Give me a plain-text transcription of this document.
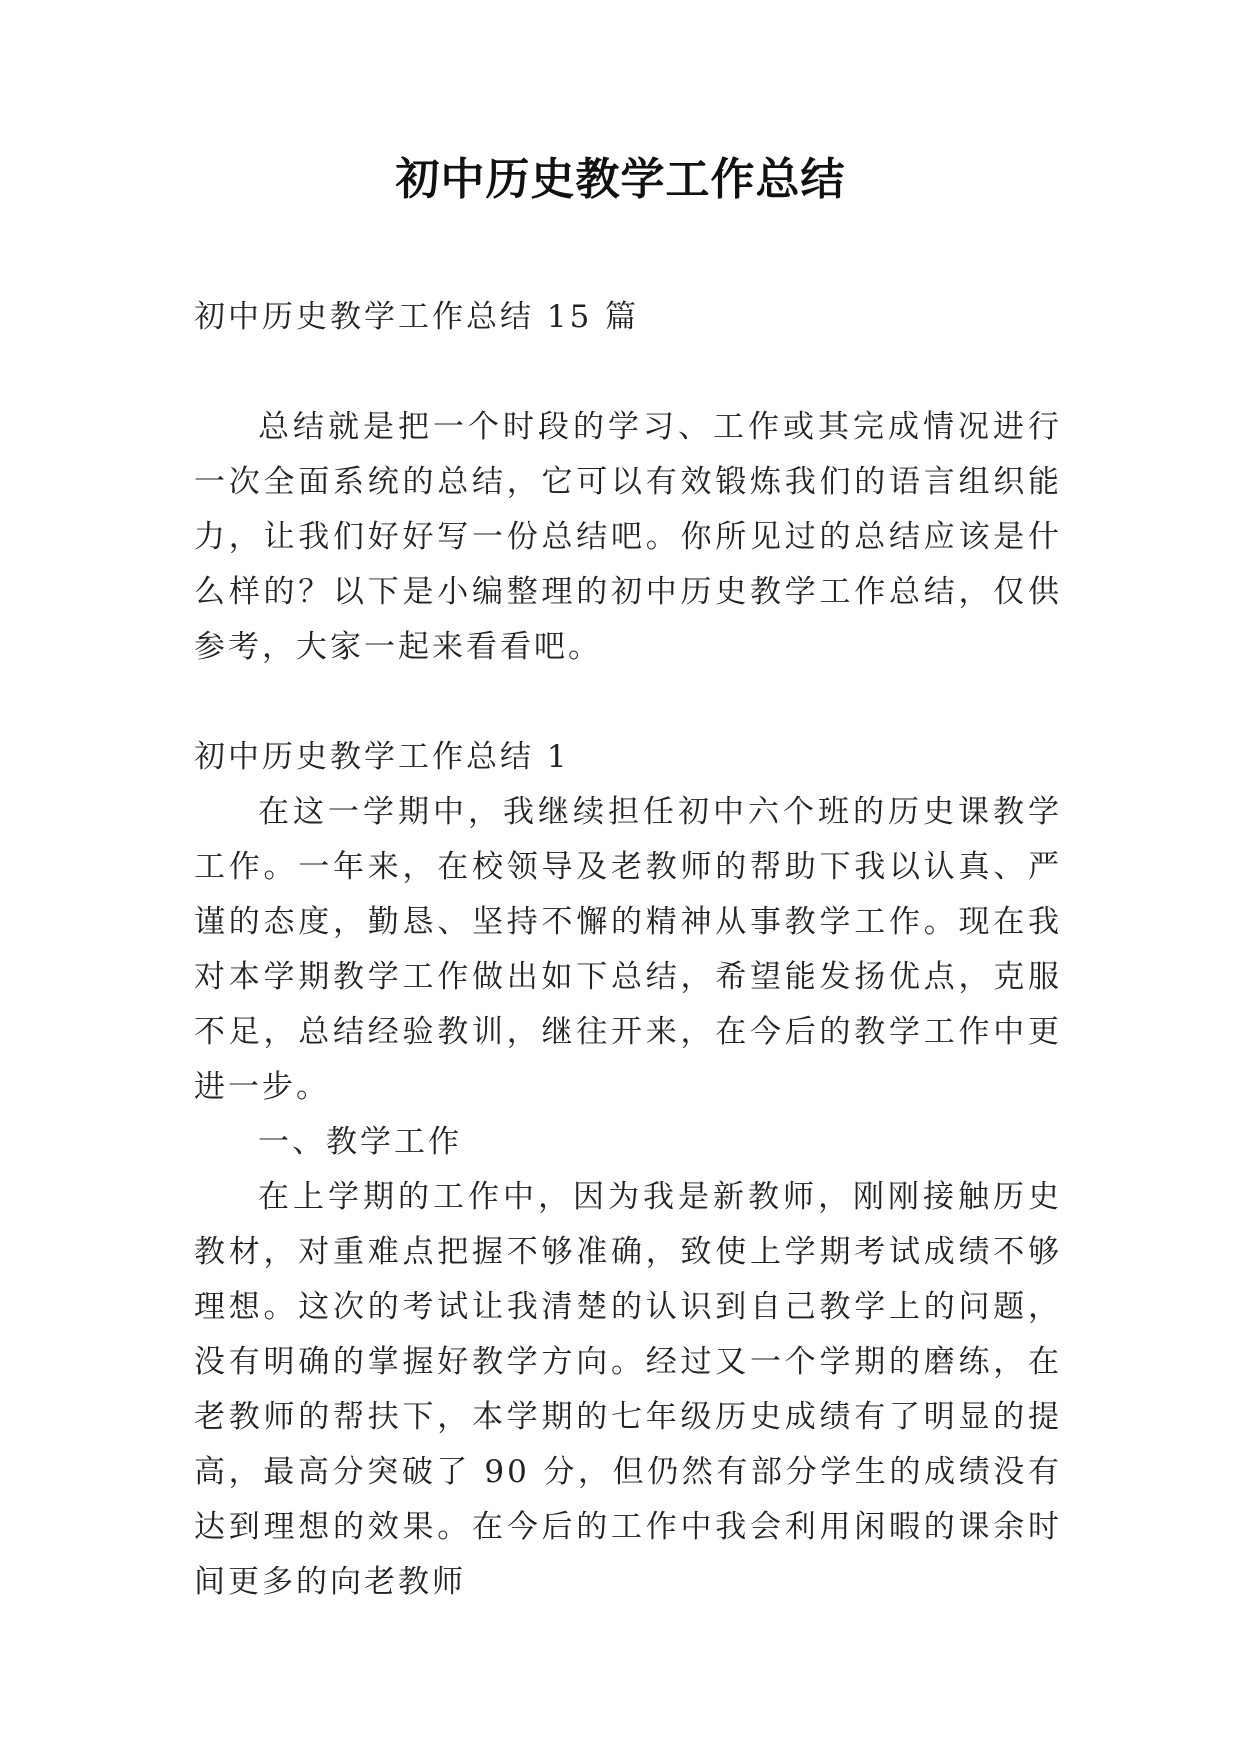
初中历史教学工作总结

初中历史教学工作总结 15 篇

总结就是把一个时段的学习、工作或其完成情况进行一次全面系统的总结，它可以有效锻炼我们的语言组织能力，让我们好好写一份总结吧。你所见过的总结应该是什么样的？以下是小编整理的初中历史教学工作总结，仅供参考，大家一起来看看吧。

初中历史教学工作总结 1

在这一学期中，我继续担任初中六个班的历史课教学工作。一年来，在校领导及老教师的帮助下我以认真、严谨的态度，勤恳、坚持不懈的精神从事教学工作。现在我对本学期教学工作做出如下总结，希望能发扬优点，克服不足，总结经验教训，继往开来，在今后的教学工作中更进一步。

一、教学工作

在上学期的工作中，因为我是新教师，刚刚接触历史教材，对重难点把握不够准确，致使上学期考试成绩不够理想。这次的考试让我清楚的认识到自己教学上的问题，没有明确的掌握好教学方向。经过又一个学期的磨练，在老教师的帮扶下，本学期的七年级历史成绩有了明显的提高，最高分突破了 90 分，但仍然有部分学生的成绩没有达到理想的效果。在今后的工作中我会利用闲暇的课余时间更多的向老教师
